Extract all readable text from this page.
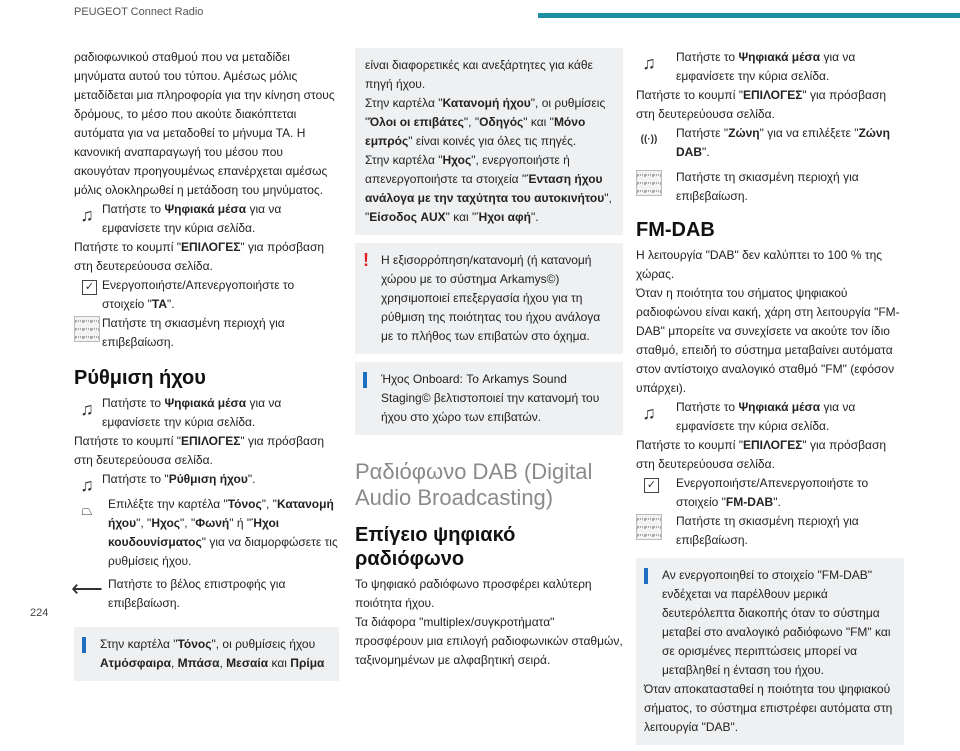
PEUGEOT Connect Radio

ραδιοφωνικού σταθμού που να μεταδίδει μηνύματα αυτού του τύπου. Αμέσως μόλις μεταδίδεται μια πληροφορία για την κίνηση στους δρόμους, το μέσο που ακούτε διακόπτεται αυτόματα για να μεταδοθεί το μήνυμα ΤΑ. Η κανονική αναπαραγωγή του μέσου που ακουγόταν προηγουμένως επανέρχεται αμέσως μόλις ολοκληρωθεί η μετάδοση του μηνύματος.

♫ Πατήστε το Ψηφιακά μέσα για να εμφανίσετε την κύρια σελίδα.

Πατήστε το κουμπί "ΕΠΙΛΟΓΕΣ" για πρόσβαση στη δευτερεύουσα σελίδα.

✓ Ενεργοποιήστε/Απενεργοποιήστε το στοιχείο "TA".
Πατήστε τη σκιασμένη περιοχή για επιβεβαίωση.
Ρύθμιση ήχου
♫ Πατήστε το Ψηφιακά μέσα για να εμφανίσετε την κύρια σελίδα.

Πατήστε το κουμπί "ΕΠΙΛΟΓΕΣ" για πρόσβαση στη δευτερεύουσα σελίδα.

♫ Πατήστε το "Ρύθμιση ήχου".
⏢	Επιλέξτε την καρτέλα "Τόνος", "Κατανομή ήχου", "Ηχος", "Φωνή" ή "Ήχοι κουδουνίσματος" για να διαμορφώσετε τις ρυθμίσεις ήχου.
⟵ Πατήστε το βέλος επιστροφής για επιβεβαίωση.
Στην καρτέλα "Τόνος", οι ρυθμίσεις ήχου Ατμόσφαιρα, Μπάσα, Μεσαία και Πρίμα

είναι διαφορετικές και ανεξάρτητες για κάθε πηγή ήχου.

Στην καρτέλα "Κατανομή ήχου", οι ρυθμίσεις "Όλοι οι επιβάτες", "Οδηγός" και "Μόνο εμπρός" είναι κοινές για όλες τις πηγές.

Στην καρτέλα "Ηχος", ενεργοποιήστε ή απενεργοποιήστε τα στοιχεία "Ένταση ήχου ανάλογα με την ταχύτητα του αυτοκινήτου", "Είσοδος AUX" και "Ήχοι αφή".

! Η εξισορρόπηση/κατανομή (ή κατανομή χώρου με το σύστημα Arkamys©) χρησιμοποιεί επεξεργασία ήχου για τη ρύθμιση της ποιότητας του ήχου ανάλογα με το πλήθος των επιβατών στο όχημα.
Ήχος Onboard: Το Arkamys Sound Staging© βελτιστοποιεί την κατανομή του ήχου στο χώρο των επιβατών.
Ραδιόφωνο DAB (Digital Audio Broadcasting)
Επίγειο ψηφιακό ραδιόφωνο

Το ψηφιακό ραδιόφωνο προσφέρει καλύτερη ποιότητα ήχου.

Τα διάφορα "multiplex/συγκροτήματα" προσφέρουν μια επιλογή ραδιοφωνικών σταθμών, ταξινομημένων με αλφαβητική σειρά.

♫	Πατήστε το Ψηφιακά μέσα για να εμφανίσετε την κύρια σελίδα.

Πατήστε το κουμπί "ΕΠΙΛΟΓΕΣ" για πρόσβαση στη δευτερεύουσα σελίδα.

((·))	Πατήστε "Ζώνη" για να επιλέξετε "Ζώνη DAB".
Πατήστε τη σκιασμένη περιοχή για επιβεβαίωση.
FM-DAB

Η λειτουργία "DAB" δεν καλύπτει το 100 % της χώρας.

Όταν η ποιότητα του σήματος ψηφιακού ραδιοφώνου είναι κακή, χάρη στη λειτουργία "FM-DAB" μπορείτε να συνεχίσετε να ακούτε τον ίδιο σταθμό, επειδή το σύστημα μεταβαίνει αυτόματα στον αντίστοιχο αναλογικό σταθμό "FM" (εφόσον υπάρχει).

♫	Πατήστε το Ψηφιακά μέσα για να εμφανίσετε την κύρια σελίδα.

Πατήστε το κουμπί "ΕΠΙΛΟΓΕΣ" για πρόσβαση στη δευτερεύουσα σελίδα.

✓ Ενεργοποιήστε/Απενεργοποιήστε το στοιχείο "FM-DAB".
Πατήστε τη σκιασμένη περιοχή για επιβεβαίωση.
Αν ενεργοποιηθεί το στοιχείο "FM-DAB" ενδέχεται να παρέλθουν μερικά δευτερόλεπτα διακοπής όταν το σύστημα μεταβεί στο αναλογικό ραδιόφωνο "FM" και σε ορισμένες περιπτώσεις μπορεί να μεταβληθεί η ένταση του ήχου.

Όταν αποκατασταθεί η ποιότητα του ψηφιακού σήματος, το σύστημα επιστρέφει αυτόματα στη λειτουργία "DAB".

224
